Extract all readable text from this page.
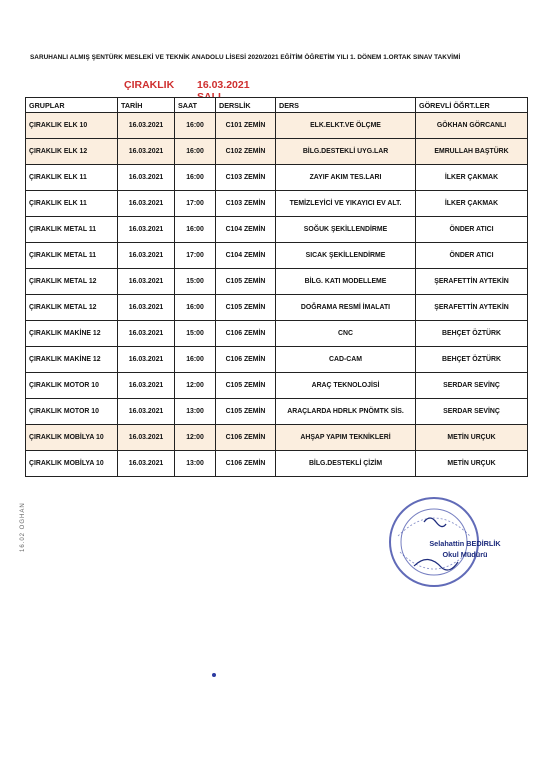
SARUHANLI ALMIŞ ŞENTÜRK MESLEKİ VE TEKNİK ANADOLU LİSESİ 2020/2021 EĞİTİM ÖĞRETİM YILI 1. DÖNEM 1.ORTAK SINAV TAKVİMİ
ÇIRAKLIK 16.03.2021
GRUPLAR	TARİH	SAAT	DERSLİK	DERS	GÖREVLİ ÖĞRT.LER
ÇIRAKLIK ELK 10	16.03.2021	16:00	C101 ZEMİN	ELK.ELKT.VE ÖLÇME	GÖKHAN GÖRCANLI
ÇIRAKLIK ELK 12	16.03.2021	16:00	C102 ZEMİN	BİLG.DESTEKLİ UYG.LAR	EMRULLAH BAŞTÜRK
ÇIRAKLIK ELK 11	16.03.2021	16:00	C103 ZEMİN	ZAYIF AKIM TES.LARI	İLKER ÇAKMAK
ÇIRAKLIK ELK 11	16.03.2021	17:00	C103 ZEMİN	TEMİZLEYİCİ VE YIKAYICI EV ALT.	İLKER ÇAKMAK
ÇIRAKLIK METAL 11	16.03.2021	16:00	C104 ZEMİN	SOĞUK ŞEKİLLENDİRME	ÖNDER ATICI
ÇIRAKLIK METAL 11	16.03.2021	17:00	C104 ZEMİN	SICAK ŞEKİLLENDİRME	ÖNDER ATICI
ÇIRAKLIK METAL 12	16.03.2021	15:00	C105 ZEMİN	BİLG. KATI MODELLEME	ŞERAFETTİN AYTEKİN
ÇIRAKLIK METAL 12	16.03.2021	16:00	C105 ZEMİN	DOĞRAMA RESMİ İMALATI	ŞERAFETTİN AYTEKİN
ÇIRAKLIK MAKİNE 12	16.03.2021	15:00	C106 ZEMİN	CNC	BEHÇET ÖZTÜRK
ÇIRAKLIK MAKİNE 12	16.03.2021	16:00	C106 ZEMİN	CAD-CAM	BEHÇET ÖZTÜRK
ÇIRAKLIK MOTOR 10	16.03.2021	12:00	C105 ZEMİN	ARAÇ TEKNOLOJİSİ	SERDAR SEVİNÇ
ÇIRAKLIK MOTOR 10	16.03.2021	13:00	C105 ZEMİN	ARAÇLARDA HDRLK PNÖMTK SİS.	SERDAR SEVİNÇ
ÇIRAKLIK MOBİLYA 10	16.03.2021	12:00	C106 ZEMİN	AHŞAP YAPIM TEKNİKLERİ	METİN URÇUK
ÇIRAKLIK MOBİLYA 10	16.03.2021	13:00	C106 ZEMİN	BİLG.DESTEKLİ ÇİZİM	METİN URÇUK
Selahattin BEDİRLİK
Okul Müdürü
16.02 OGHAN
